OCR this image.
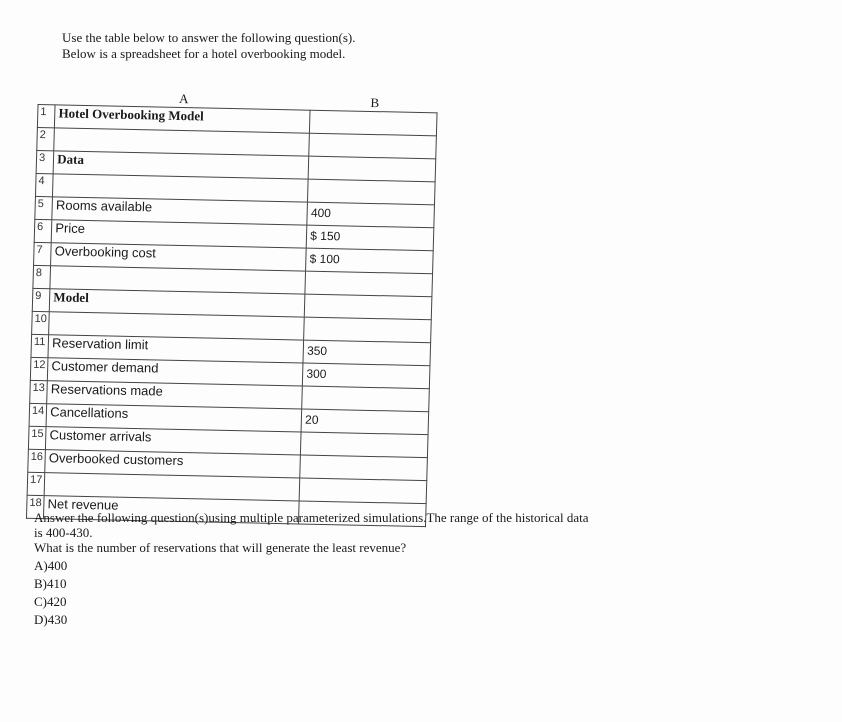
Use the table below to answer the following question(s).
Below is a spreadsheet for a hotel overbooking model.
A	B
1	Hotel Overbooking Model	
2		
3	Data	
4		
5	Rooms available	400
6	Price	$ 150
7	Overbooking cost	$ 100
8		
9	Model	
10		
11	Reservation limit	350
12	Customer demand	300
13	Reservations made	
14	Cancellations	20
15	Customer arrivals	
16	Overbooked customers	
17		
18	Net revenue	
Answer the following question(s)using multiple parameterized simulations.The range of the historical data
is 400-430.
What is the number of reservations that will generate the least revenue?
A)400
B)410
C)420
D)430
